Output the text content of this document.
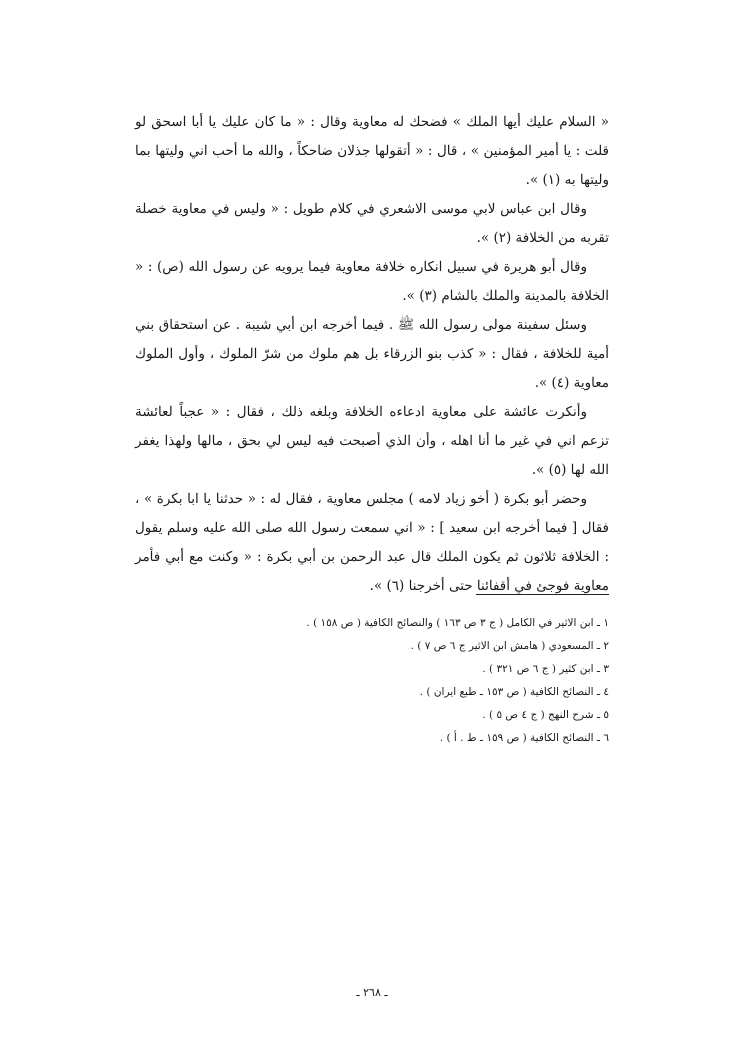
« السلام عليك أيها الملك » فضحك له معاوية وقال : « ما كان عليك يا أبا اسحق لو قلت : يا أمير المؤمنين » ، قال : « أتقولها جذلان ضاحكاً ، والله ما أحب اني وليتها بما وليتها به (١) ».

وقال ابن عباس لابي موسى الاشعري في كلام طويل : « وليس في معاوية خصلة تقربه من الخلافة (٢) ».

وقال أبو هريرة في سبيل انكاره خلافة معاوية فيما يرويه عن رسول الله (ص) : « الخلافة بالمدينة والملك بالشام (٣) ».

وسئل سفينة مولى رسول الله ﷺ . فيما أخرجه ابن أبي شيبة . عن استحقاق بني أمية للخلافة ، فقال : « كذب بنو الزرقاء بل هم ملوك من شرّ الملوك ، وأول الملوك معاوية (٤) ».

وأنكرت عائشة على معاوية ادعاءه الخلافة وبلغه ذلك ، فقال : « عجباً لعائشة تزعم اني في غير ما أنا اهله ، وأن الذي أصبحت فيه ليس لي بحق ، مالها ولهذا يغفر الله لها (٥) ».

وحضر أبو بكرة ( أخو زياد لامه ) مجلس معاوية ، فقال له : « حدثنا يا ابا بكرة » ، فقال [ فيما أخرجه ابن سعيد ] : « اني سمعت رسول الله صلى الله عليه وسلم يقول : الخلافة ثلاثون ثم يكون الملك قال عبد الرحمن بن أبي بكرة : « وكنت مع أبي فأمر معاوية فوجئ في أقفائنا حتى أخرجنا (٦) ».

١ ـ ابن الاثير في الكامل ( ج ٣ ص ١٦٣ ) والنصائح الكافية ( ص ١٥٨ ) .

٢ ـ المسعودي ( هامش ابن الاثير ج ٦ ص ٧ ) .

٣ ـ ابن كثير ( ج ٦ ص ٣٢١ ) .

٤ ـ النصائح الكافية ( ص ١٥٣ ـ طبع ايران ) .

٥ ـ شرح النهج ( ج ٤ ص ٥ ) .

٦ ـ النصائح الكافية ( ص ١٥٩ ـ ط . أ ) .

ـ ٢٦٨ ـ
